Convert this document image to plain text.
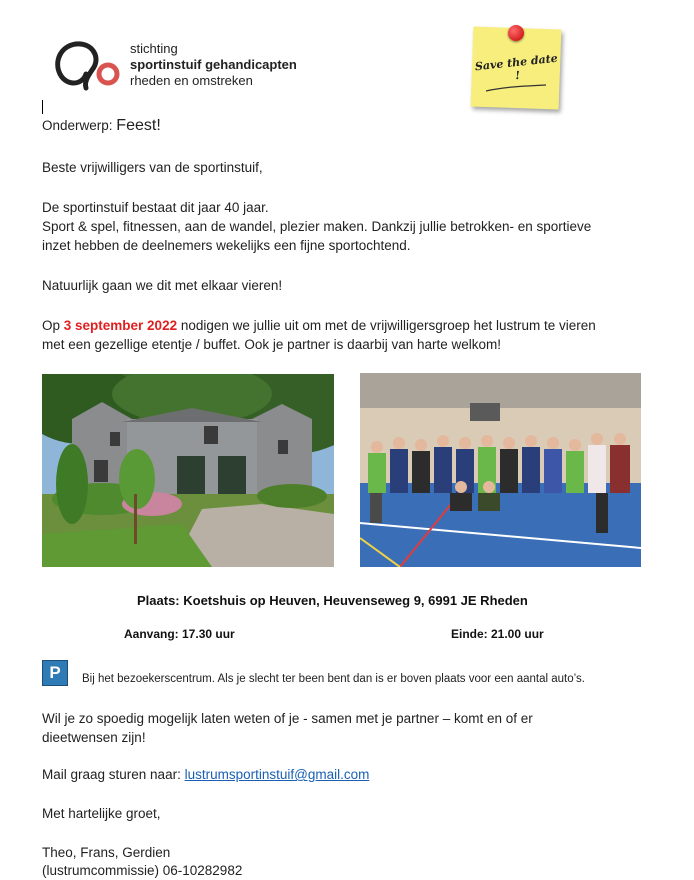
stichting
sportinstuif gehandicapten
rheden en omstreken
Save the date !
Onderwerp: Feest!
Beste vrijwilligers van de sportinstuif,
De sportinstuif bestaat dit jaar 40 jaar.
Sport & spel, fitnessen, aan de wandel, plezier maken. Dankzij jullie betrokken- en sportieve
inzet hebben de deelnemers wekelijks een fijne sportochtend.
Natuurlijk gaan we dit met elkaar vieren!
Op 3 september 2022 nodigen we jullie uit om met de vrijwilligersgroep het lustrum te vieren
met een gezellige etentje / buffet. Ook je partner is daarbij van harte welkom!
Plaats: Koetshuis op Heuven, Heuvenseweg 9, 6991 JE Rheden
Aanvang: 17.30 uur	Einde: 21.00 uur
P	Bij het bezoekerscentrum. Als je slecht ter been bent dan is er boven plaats voor een aantal auto’s.
Wil je zo spoedig mogelijk laten weten of je - samen met je partner – komt en of er
dieetwensen zijn!
Mail graag sturen naar: lustrumsportinstuif@gmail.com
Met hartelijke groet,
Theo, Frans, Gerdien
(lustrumcommissie) 06-10282982
